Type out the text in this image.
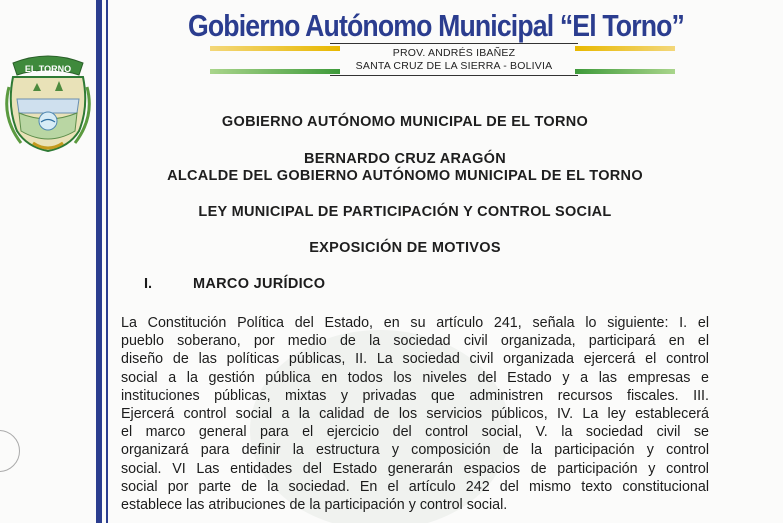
EL TORNO
Gobierno Autónomo Municipal “El Torno”
PROV. ANDRÉS IBAÑEZ
SANTA CRUZ DE LA SIERRA - BOLIVIA
GOBIERNO AUTÓNOMO MUNICIPAL DE EL TORNO
BERNARDO CRUZ ARAGÓN
ALCALDE DEL GOBIERNO AUTÓNOMO MUNICIPAL DE EL TORNO
LEY MUNICIPAL DE PARTICIPACIÓN Y CONTROL SOCIAL
EXPOSICIÓN DE MOTIVOS
I.	MARCO JURÍDICO
La Constitución Política del Estado, en su artículo 241, señala lo siguiente: I. el
pueblo soberano, por medio de la sociedad civil organizada, participará en el
diseño de las políticas públicas, II. La sociedad civil organizada ejercerá el control
social a la gestión pública en todos los niveles del Estado y a las empresas e
instituciones públicas, mixtas y privadas que administren recursos fiscales. III.
Ejercerá control social a la calidad de los servicios públicos, IV. La ley establecerá
el marco general para el ejercicio del control social, V. la sociedad civil se
organizará para definir la estructura y composición de la participación y control
social. VI Las entidades del Estado generarán espacios de participación y control
social por parte de la sociedad. En el artículo 242 del mismo texto constitucional
establece las atribuciones de la participación y control social.
